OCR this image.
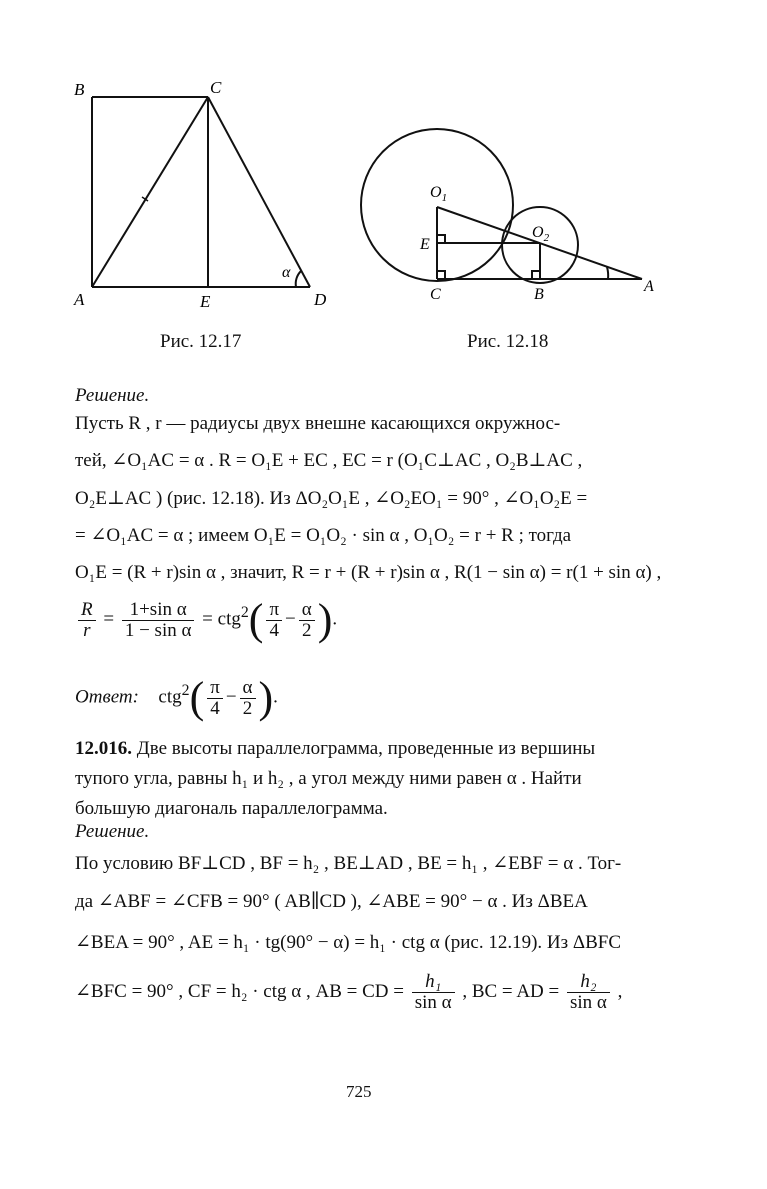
B	C
A	E	D
α
Рис. 12.17
$O_1$
$O_2$
E
C	B	A
Рис. 12.18
Решение.
Пусть R , r — радиусы двух внешне касающихся окружнос-
тей, ∠O₁AC = α . R = O₁E + EC , EC = r (O₁C⊥AC , O₂B⊥AC ,
O₂E⊥AC ) (рис. 12.18). Из ΔO₂O₁E , ∠O₂EO₁ = 90° , ∠O₁O₂E =
= ∠O₁AC = α ; имеем O₁E = O₁O₂ · sin α , O₁O₂ = r + R ; тогда
O₁E = (R + r)sin α , значит, R = r + (R + r)sin α , R(1 − sin α) = r(1 + sin α) ,
$\frac{R}{r} = \frac{\text{1+sin α}}{\text{1 − sin α}} = ctg^2( \frac{\pi}{4} - \frac{\alpha}{2}$ ).
Ответ: $ctg^2( \frac{\pi}{4} - \frac{\alpha}{2}$ ).
12.016. Две высоты параллелограмма, проведенные из вершины
тупого угла, равны h₁ и h₂ , а угол между ними равен α . Найти
большую диагональ параллелограмма.
Решение.
По условию BF⊥CD , BF = h₂ , BE⊥AD , BE = h₁ , ∠EBF = α . Тог-
да ∠ABF = ∠CFB = 90° ( AB∥CD ), ∠ABE = 90° − α . Из ΔBEA
∠BEA = 90° , AE = h₁ · tg(90° − α) = h₁ · ctg α (рис. 12.19). Из ΔBFC
∠BFC = 90° , CF = h₂ · ctg α , AB = CD = $\frac{\text{h₁}}{\text{sin α}}$ , BC = AD = $\frac{\text{h₂}}{\text{sin α}}$ ,
725
